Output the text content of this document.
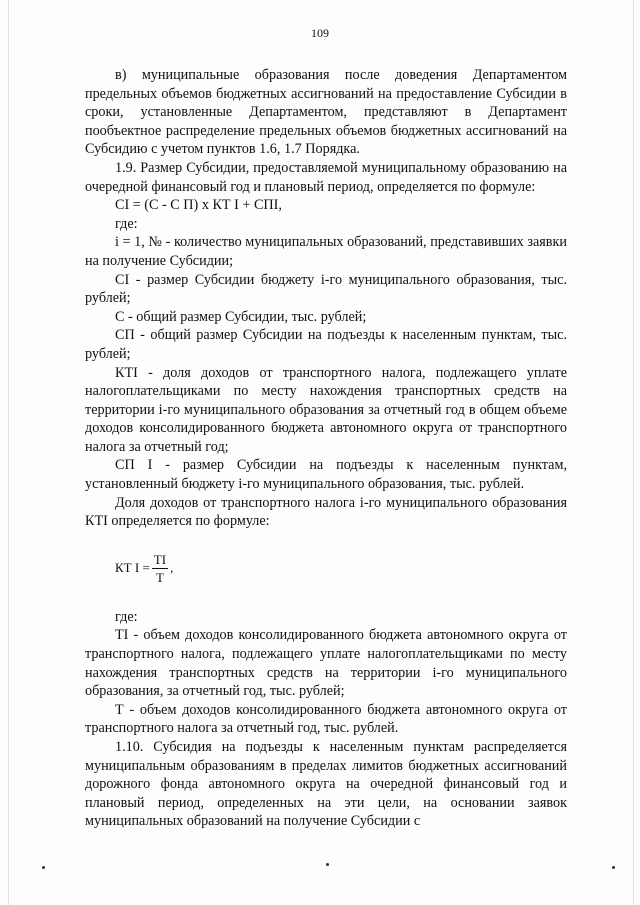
109

в) муниципальные образования после доведения Департаментом предельных объемов бюджетных ассигнований на предоставление Субсидии в сроки, установленные Департаментом, представляют в Департамент пообъектное распределение предельных объемов бюджетных ассигнований на Субсидию с учетом пунктов 1.6, 1.7 Порядка.

1.9. Размер Субсидии, предоставляемой муниципальному образованию на очередной финансовый год и плановый период, определяется по формуле:

СI = (С - С П) х КТ I + СПI,

где:

i = 1, № - количество муниципальных образований, представивших заявки на получение Субсидии;

СI - размер Субсидии бюджету i-го муниципального образования, тыс. рублей;

С - общий размер Субсидии, тыс. рублей;

СП - общий размер Субсидии на подъезды к населенным пунктам, тыс. рублей;

КТI - доля доходов от транспортного налога, подлежащего уплате налогоплательщиками по месту нахождения транспортных средств на территории i-го муниципального образования за отчетный год в общем объеме доходов консолидированного бюджета автономного округа от транспортного налога за отчетный год;

СП I - размер Субсидии на подъезды к населенным пунктам, установленный бюджету i-го муниципального образования, тыс. рублей.

Доля доходов от транспортного налога i-го муниципального образования КТI определяется по формуле:

КТ $I = \frac{ТI}{Т}$ ,

где:

ТI - объем доходов консолидированного бюджета автономного округа от транспортного налога, подлежащего уплате налогоплательщиками по месту нахождения транспортных средств на территории i-го муниципального образования, за отчетный год, тыс. рублей;

Т - объем доходов консолидированного бюджета автономного округа от транспортного налога за отчетный год, тыс. рублей.

1.10. Субсидия на подъезды к населенным пунктам распределяется муниципальным образованиям в пределах лимитов бюджетных ассигнований дорожного фонда автономного округа на очередной финансовый год и плановый период, определенных на эти цели, на основании заявок муниципальных образований на получение Субсидии с
